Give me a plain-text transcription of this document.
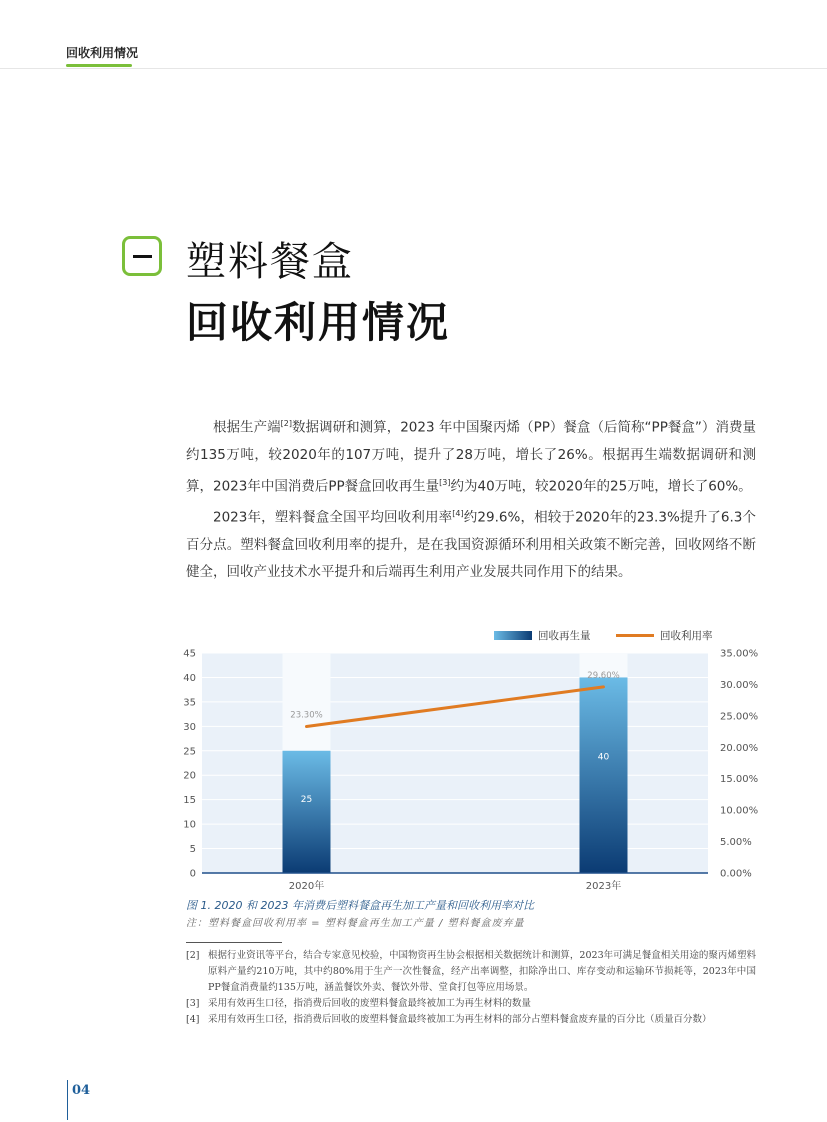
回收利用情况
塑料餐盒
回收利用情况

根据生产端[2]数据调研和测算，2023 年中国聚丙烯（PP）餐盒（后简称“PP餐盒”）消费量约135万吨，较2020年的107万吨，提升了28万吨，增长了26%。根据再生端数据调研和测算，2023年中国消费后PP餐盒回收再生量[3]约为40万吨，较2020年的25万吨，增长了60%。

2023年，塑料餐盒全国平均回收利用率[4]约29.6%，相较于2020年的23.3%提升了6.3个百分点。塑料餐盒回收利用率的提升，是在我国资源循环利用相关政策不断完善，回收网络不断健全，回收产业技术水平提升和后端再生利用产业发展共同作用下的结果。

0
5
10
15
20
25
30
35
40
45
0.00%
5.00%
10.00%
15.00%
20.00%
25.00%
30.00%
35.00%
25
2020年
40
2023年
23.30%
29.60%
回收再生量	回收利用率
图 1. 2020 和 2023 年消费后塑料餐盒再生加工产量和回收利用率对比
注：塑料餐盒回收利用率 = 塑料餐盒再生加工产量 / 塑料餐盒废弃量
[2] 根据行业资讯等平台，结合专家意见校验，中国物资再生协会根据相关数据统计和测算，2023年可满足餐盒相关用途的聚丙烯塑料原料产量约210万吨，其中约80%用于生产一次性餐盒，经产出率调整，扣除净出口、库存变动和运输环节损耗等，2023年中国PP餐盒消费量约135万吨，涵盖餐饮外卖、餐饮外带、堂食打包等应用场景。
[3] 采用有效再生口径，指消费后回收的废塑料餐盒最终被加工为再生材料的数量
[4] 采用有效再生口径，指消费后回收的废塑料餐盒最终被加工为再生材料的部分占塑料餐盒废弃量的百分比（质量百分数）
04
